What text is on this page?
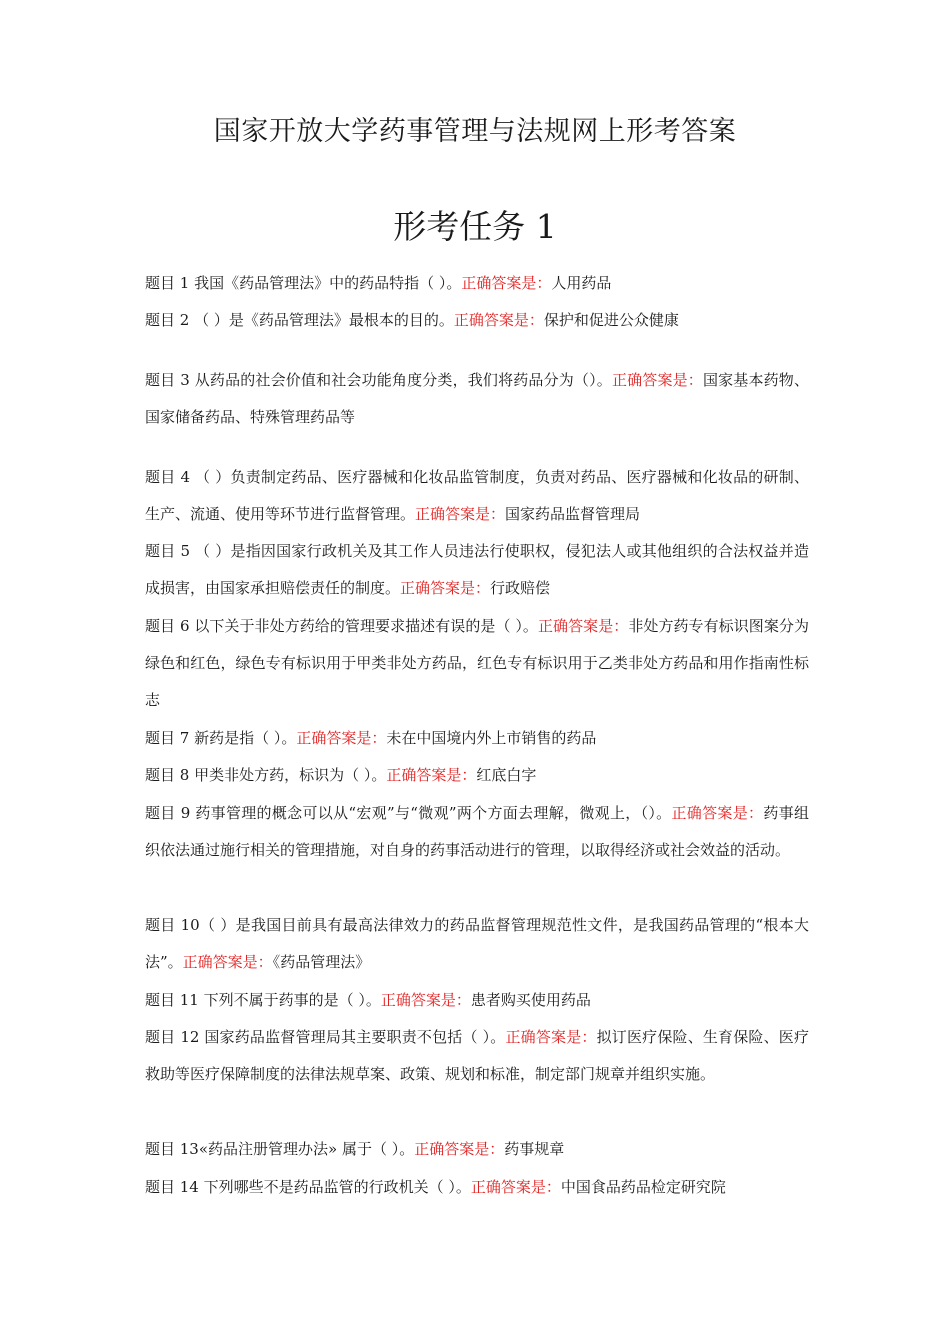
国家开放大学药事管理与法规网上形考答案
形考任务 1

题目 1 我国《药品管理法》中的药品特指（ ）。正确答案是：人用药品

题目 2 （ ）是《药品管理法》最根本的目的。正确答案是：保护和促进公众健康

题目 3 从药品的社会价值和社会功能角度分类，我们将药品分为（）。正确答案是：国家基本药物、国家储备药品、特殊管理药品等

题目 4 （ ）负责制定药品、医疗器械和化妆品监管制度，负责对药品、医疗器械和化妆品的研制、生产、流通、使用等环节进行监督管理。正确答案是：国家药品监督管理局

题目 5 （ ）是指因国家行政机关及其工作人员违法行使职权，侵犯法人或其他组织的合法权益并造成损害，由国家承担赔偿责任的制度。正确答案是：行政赔偿

题目 6 以下关于非处方药给的管理要求描述有误的是（ ）。正确答案是：非处方药专有标识图案分为绿色和红色，绿色专有标识用于甲类非处方药品，红色专有标识用于乙类非处方药品和用作指南性标志

题目 7 新药是指（ ）。正确答案是：未在中国境内外上市销售的药品

题目 8 甲类非处方药，标识为（ ）。正确答案是：红底白字

题目 9 药事管理的概念可以从“宏观”与“微观”两个方面去理解，微观上，（）。正确答案是：药事组织依法通过施行相关的管理措施，对自身的药事活动进行的管理，以取得经济或社会效益的活动。

题目 10（ ）是我国目前具有最高法律效力的药品监督管理规范性文件，是我国药品管理的“根本大法”。正确答案是：《药品管理法》

题目 11 下列不属于药事的是（ ）。正确答案是：患者购买使用药品

题目 12 国家药品监督管理局其主要职责不包括（ ）。正确答案是：拟订医疗保险、生育保险、医疗救助等医疗保障制度的法律法规草案、政策、规划和标准，制定部门规章并组织实施。

题目 13«药品注册管理办法» 属于（ ）。正确答案是：药事规章

题目 14 下列哪些不是药品监管的行政机关（ ）。正确答案是：中国食品药品检定研究院
